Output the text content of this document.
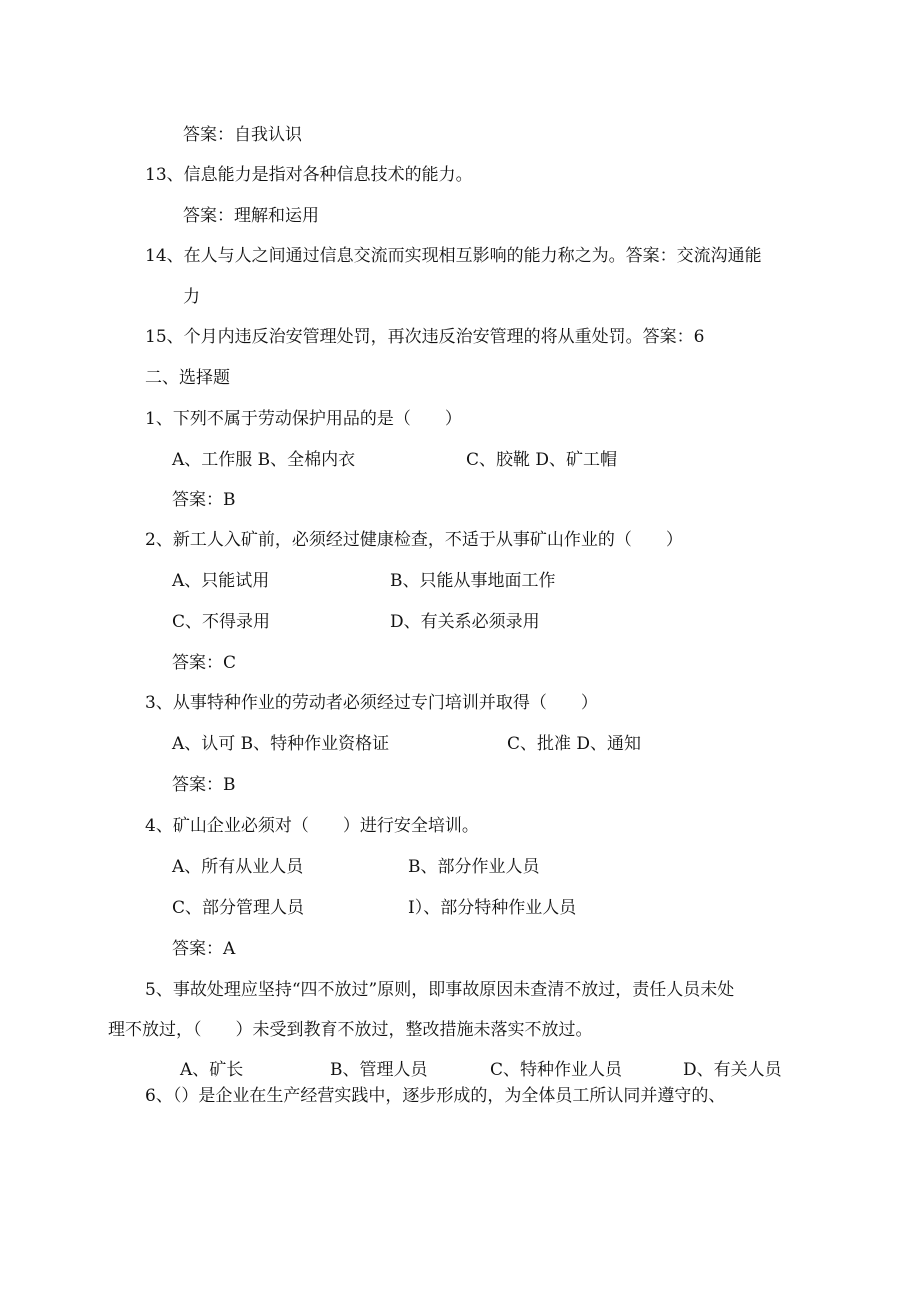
答案：自我认识
13、信息能力是指对各种信息技术的能力。
答案：理解和运用
14、在人与人之间通过信息交流而实现相互影响的能力称之为。答案：交流沟通能
力
15、个月内违反治安管理处罚，再次违反治安管理的将从重处罚。答案：6
二、选择题
1、下列不属于劳动保护用品的是（　　）
A、工作服 B、全棉内衣	C、胶靴 D、矿工帽
答案：B
2、新工人入矿前，必须经过健康检查，不适于从事矿山作业的（　　）
A、只能试用	B、只能从事地面工作
C、不得录用	D、有关系必须录用
答案：C
3、从事特种作业的劳动者必须经过专门培训并取得（　　）
A、认可 B、特种作业资格证	C、批准 D、通知
答案：B
4、矿山企业必须对（　　）进行安全培训。
A、所有从业人员	B、部分作业人员
C、部分管理人员	I）、部分特种作业人员
答案：A
5、事故处理应坚持“四不放过”原则，即事故原因未查清不放过，责任人员未处
理不放过，（　　）未受到教育不放过，整改措施未落实不放过。
A、矿长	B、管理人员	C、特种作业人员	D、有关人员
6、（）是企业在生产经营实践中，逐步形成的，为全体员工所认同并遵守的、
